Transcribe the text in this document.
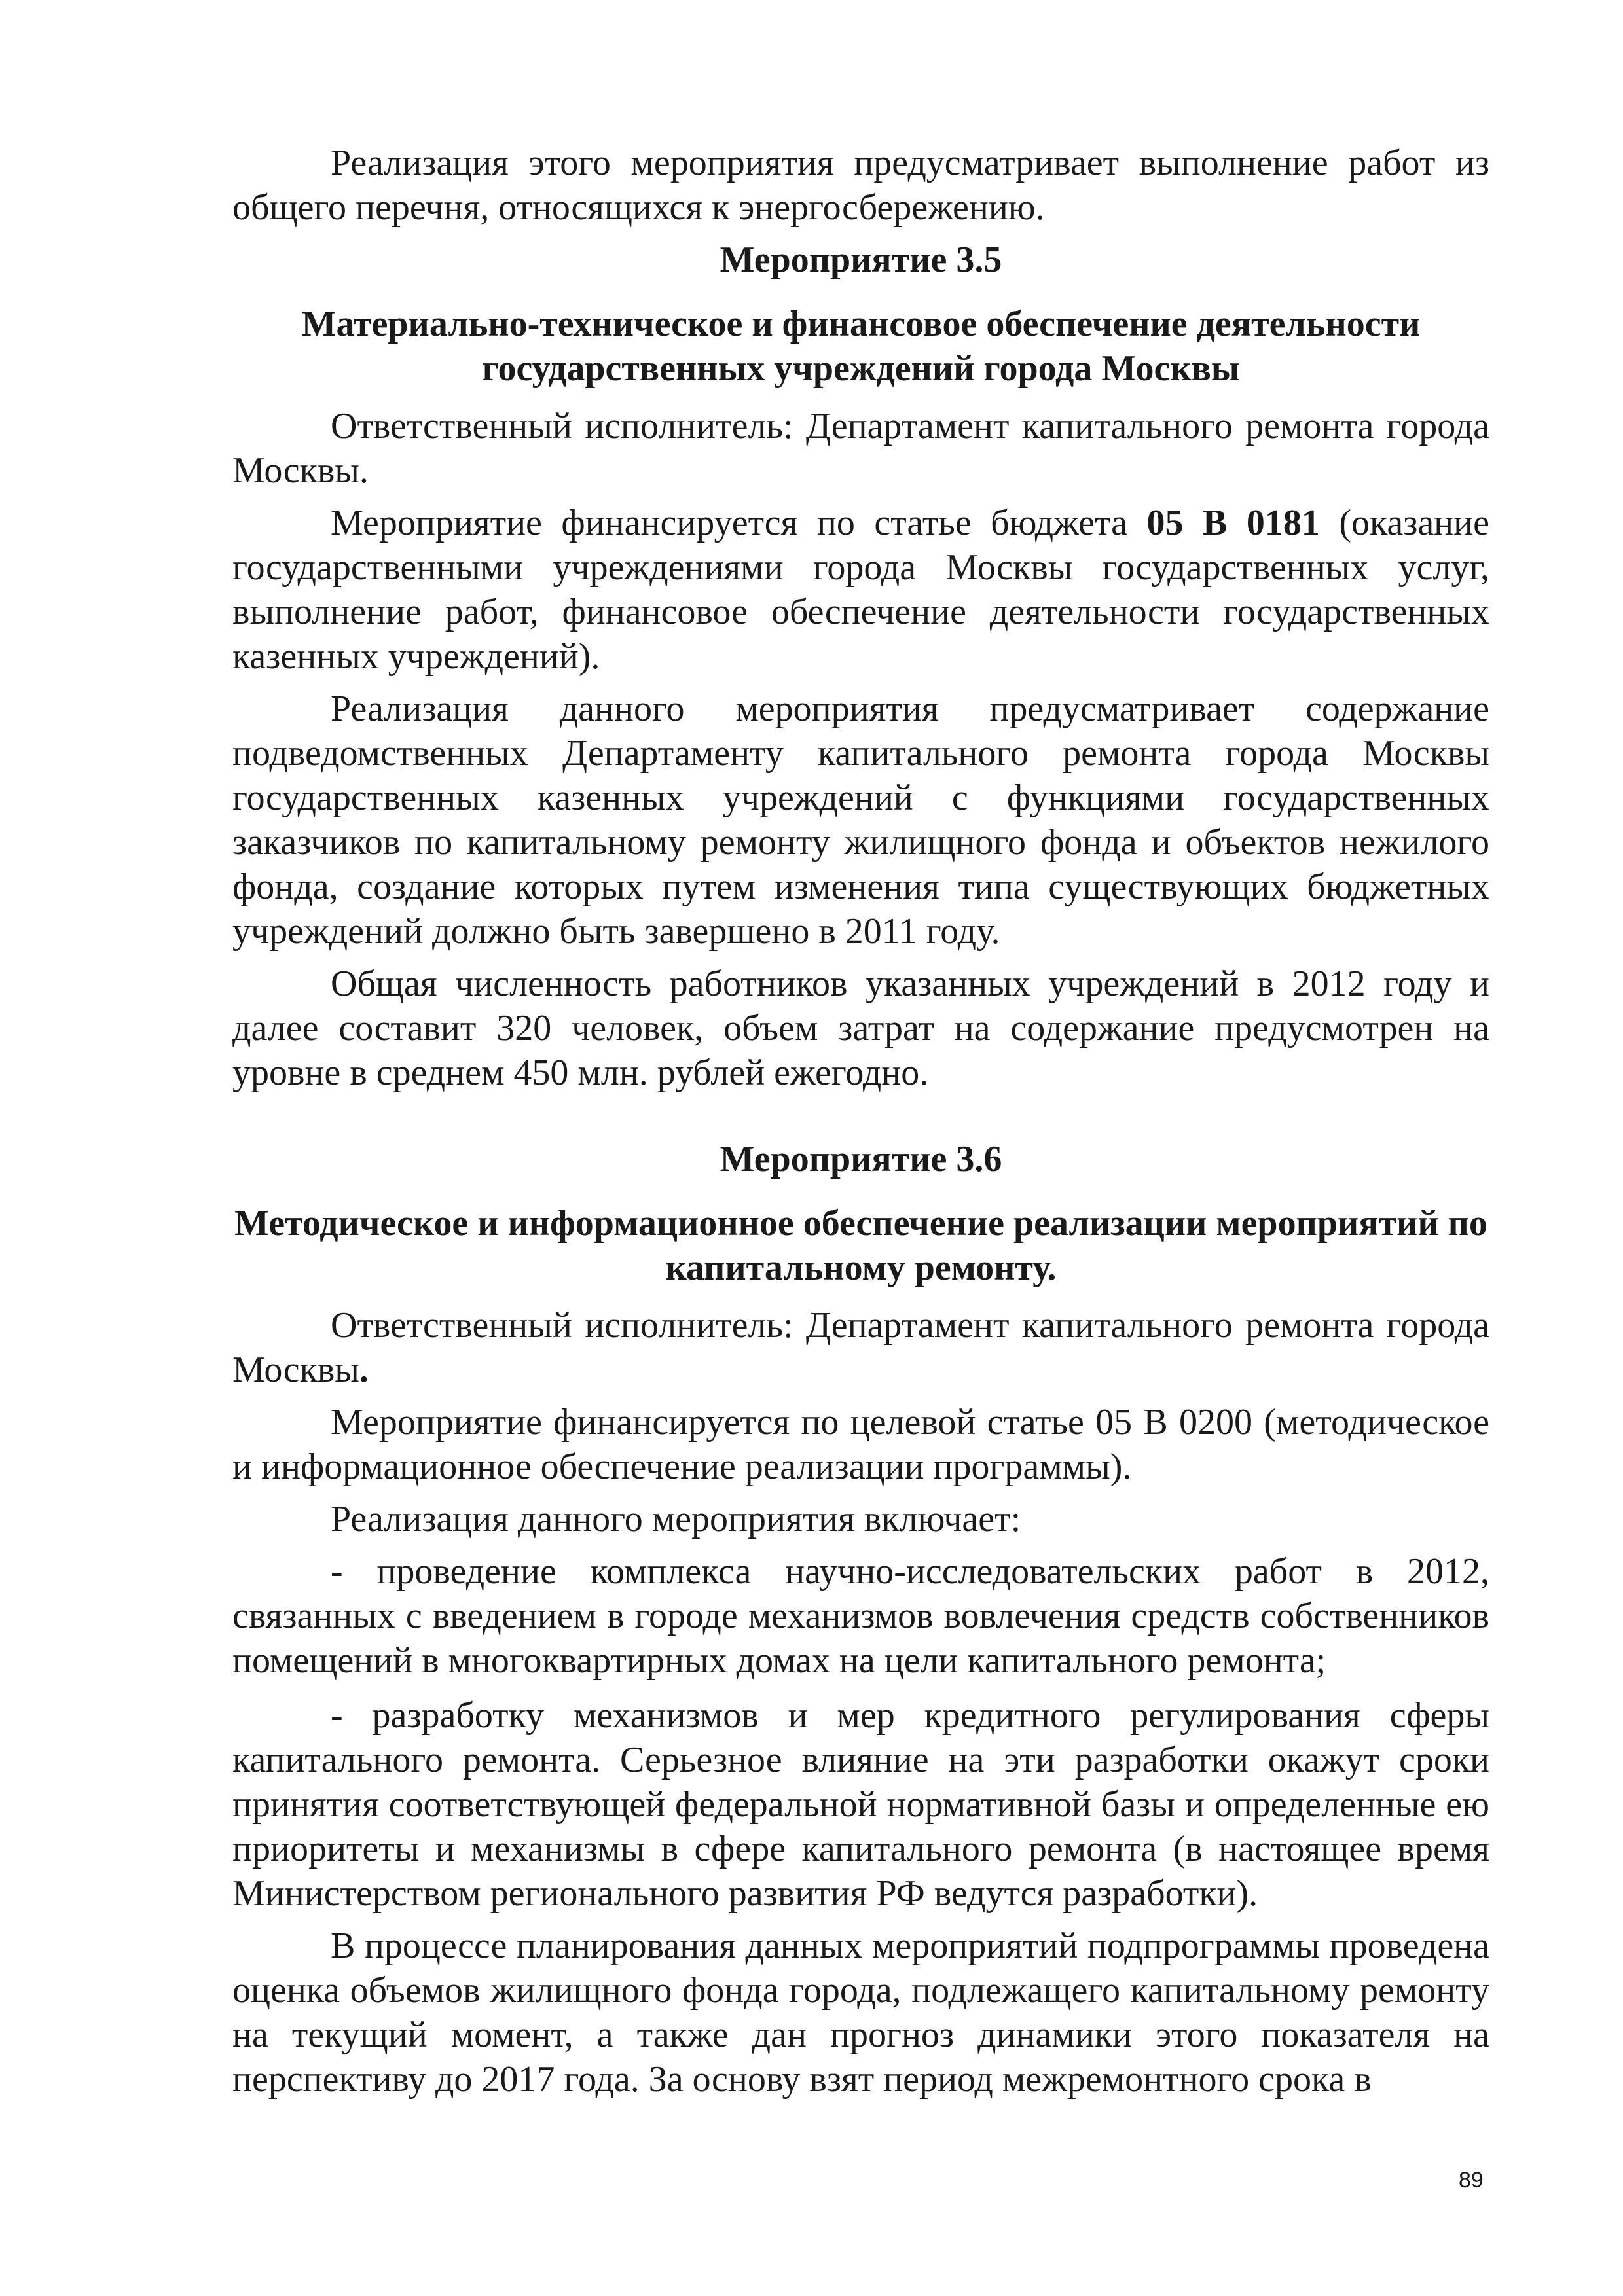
Реализация этого мероприятия предусматривает выполнение работ из общего перечня, относящихся к энергосбережению.

Мероприятие 3.5
Материально-техническое и финансовое обеспечение деятельности государственных учреждений города Москвы

Ответственный исполнитель: Департамент капитального ремонта города Москвы.

Мероприятие финансируется по статье бюджета 05 В 0181 (оказание государственными учреждениями города Москвы государственных услуг, выполнение работ, финансовое обеспечение деятельности государственных казенных учреждений).

Реализация данного мероприятия предусматривает содержание подведомственных Департаменту капитального ремонта города Москвы государственных казенных учреждений с функциями государственных заказчиков по капитальному ремонту жилищного фонда и объектов нежилого фонда, создание которых путем изменения типа существующих бюджетных учреждений должно быть завершено в 2011 году.

Общая численность работников указанных учреждений в 2012 году и далее составит 320 человек, объем затрат на содержание предусмотрен на уровне в среднем 450 млн. рублей ежегодно.

Мероприятие 3.6
Методическое и информационное обеспечение реализации мероприятий по капитальному ремонту.

Ответственный исполнитель: Департамент капитального ремонта города Москвы.

Мероприятие финансируется по целевой статье 05 В 0200 (методическое и информационное обеспечение реализации программы).

Реализация данного мероприятия включает:

- проведение комплекса научно-исследовательских работ в 2012, связанных с введением в городе механизмов вовлечения средств собственников помещений в многоквартирных домах на цели капитального ремонта;

- разработку механизмов и мер кредитного регулирования сферы капитального ремонта. Серьезное влияние на эти разработки окажут сроки принятия соответствующей федеральной нормативной базы и определенные ею приоритеты и механизмы в сфере капитального ремонта (в настоящее время Министерством регионального развития РФ ведутся разработки).

В процессе планирования данных мероприятий подпрограммы проведена оценка объемов жилищного фонда города, подлежащего капитальному ремонту на текущий момент, а также дан прогноз динамики этого показателя на перспективу до 2017 года. За основу взят период межремонтного срока в

89
